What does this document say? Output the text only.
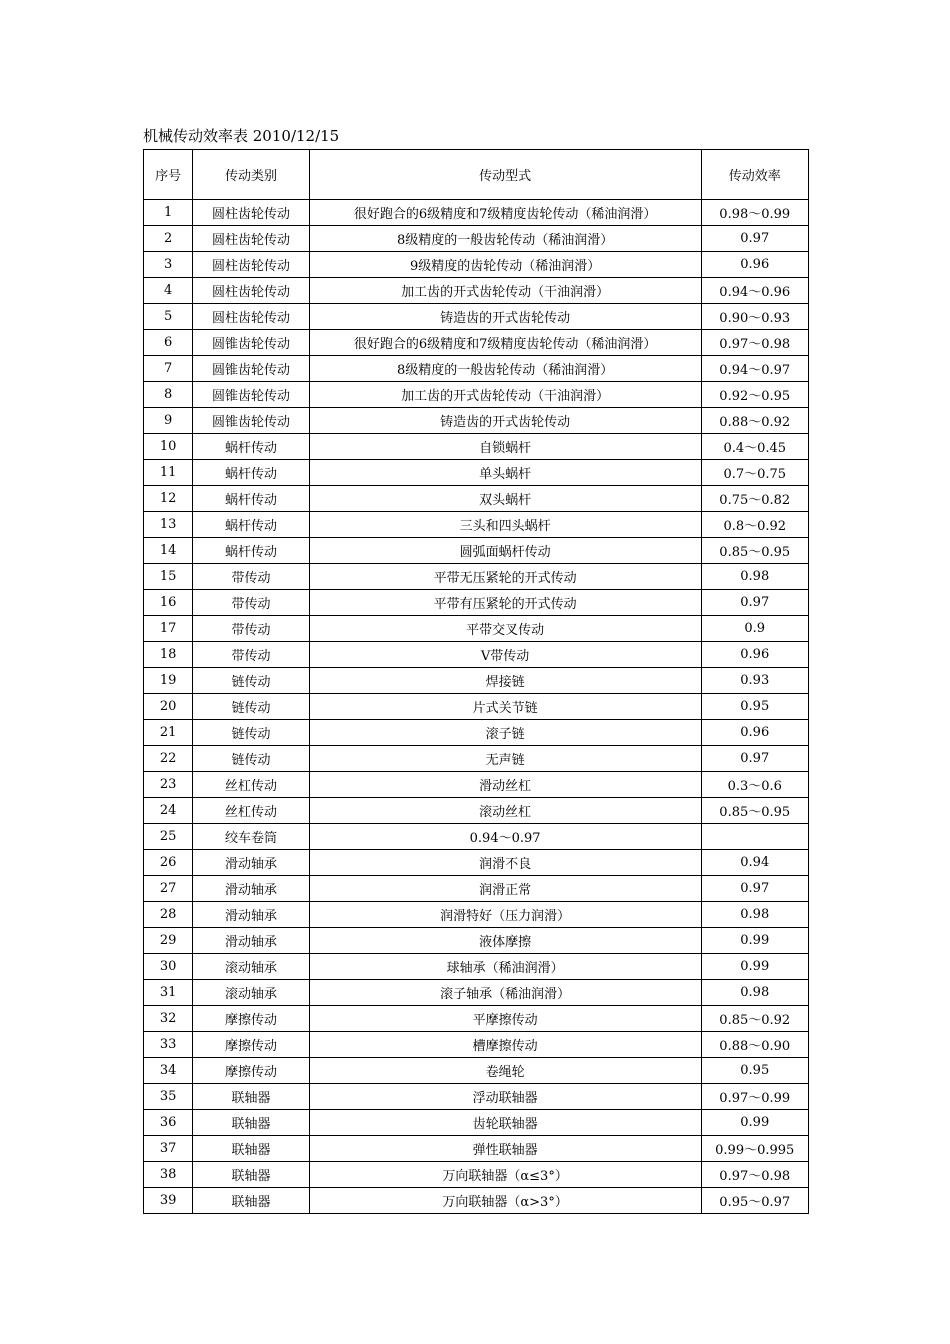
机械传动效率表 2010/12/15
序号	传动类别	传动型式	传动效率
1	圆柱齿轮传动	很好跑合的6级精度和7级精度齿轮传动（稀油润滑）	0.98～0.99
2	圆柱齿轮传动	8级精度的一般齿轮传动（稀油润滑）	0.97
3	圆柱齿轮传动	9级精度的齿轮传动（稀油润滑）	0.96
4	圆柱齿轮传动	加工齿的开式齿轮传动（干油润滑）	0.94～0.96
5	圆柱齿轮传动	铸造齿的开式齿轮传动	0.90～0.93
6	圆锥齿轮传动	很好跑合的6级精度和7级精度齿轮传动（稀油润滑）	0.97～0.98
7	圆锥齿轮传动	8级精度的一般齿轮传动（稀油润滑）	0.94～0.97
8	圆锥齿轮传动	加工齿的开式齿轮传动（干油润滑）	0.92～0.95
9	圆锥齿轮传动	铸造齿的开式齿轮传动	0.88～0.92
10	蜗杆传动	自锁蜗杆	0.4～0.45
11	蜗杆传动	单头蜗杆	0.7～0.75
12	蜗杆传动	双头蜗杆	0.75～0.82
13	蜗杆传动	三头和四头蜗杆	0.8～0.92
14	蜗杆传动	圆弧面蜗杆传动	0.85～0.95
15	带传动	平带无压紧轮的开式传动	0.98
16	带传动	平带有压紧轮的开式传动	0.97
17	带传动	平带交叉传动	0.9
18	带传动	V带传动	0.96
19	链传动	焊接链	0.93
20	链传动	片式关节链	0.95
21	链传动	滚子链	0.96
22	链传动	无声链	0.97
23	丝杠传动	滑动丝杠	0.3～0.6
24	丝杠传动	滚动丝杠	0.85～0.95
25	绞车卷筒	0.94～0.97	
26	滑动轴承	润滑不良	0.94
27	滑动轴承	润滑正常	0.97
28	滑动轴承	润滑特好（压力润滑）	0.98
29	滑动轴承	液体摩擦	0.99
30	滚动轴承	球轴承（稀油润滑）	0.99
31	滚动轴承	滚子轴承（稀油润滑）	0.98
32	摩擦传动	平摩擦传动	0.85～0.92
33	摩擦传动	槽摩擦传动	0.88～0.90
34	摩擦传动	卷绳轮	0.95
35	联轴器	浮动联轴器	0.97～0.99
36	联轴器	齿轮联轴器	0.99
37	联轴器	弹性联轴器	0.99～0.995
38	联轴器	万向联轴器（α≤3°）	0.97～0.98
39	联轴器	万向联轴器（α>3°）	0.95～0.97
